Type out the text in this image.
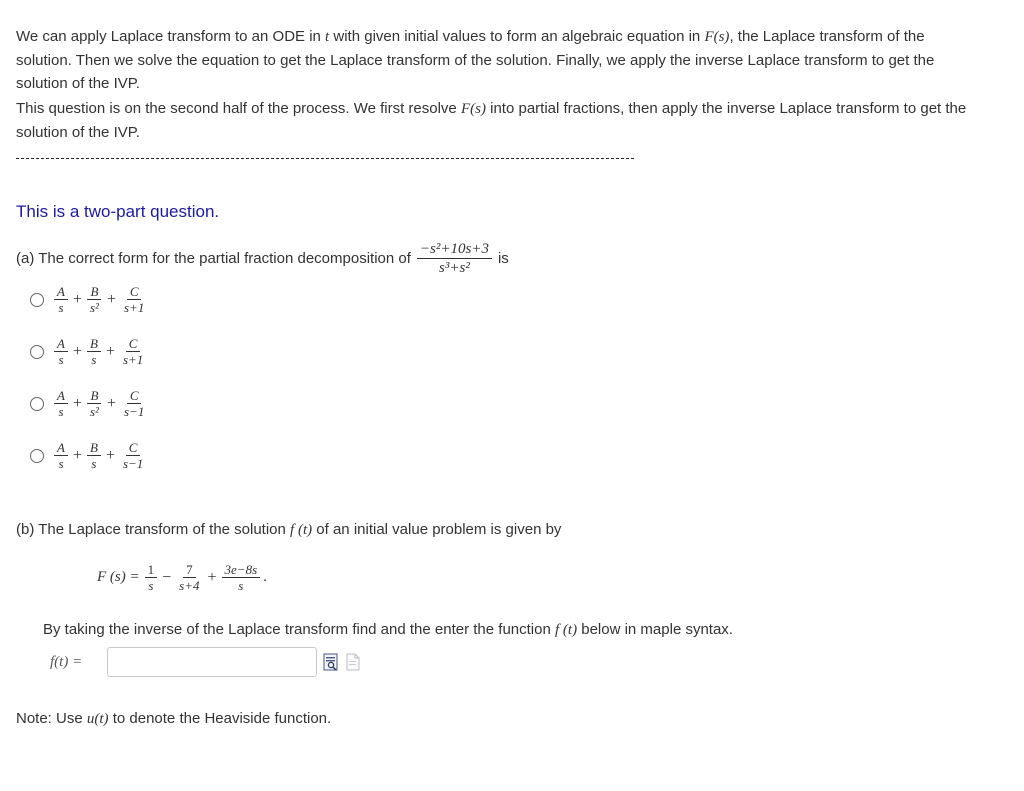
We can apply Laplace transform to an ODE in t with given initial values to form an algebraic equation in F(s), the Laplace transform of the solution. Then we solve the equation to get the Laplace transform of the solution. Finally, we apply the inverse Laplace transform to get the solution of the IVP.

This question is on the second half of the process. We first resolve F(s) into partial fractions, then apply the inverse Laplace transform to get the solution of the IVP.

This is a two-part question.

(a) The correct form for the partial fraction decomposition of $\frac{\text{−s²+10s+3}}{\text{s³+s²}}$ is

$\frac{A}{s} + \frac{B}{\text{s²}} + \frac{C}{s+1}$
$\frac{A}{s} + \frac{B}{s} + \frac{C}{s+1}$
$\frac{A}{s} + \frac{B}{\text{s²}} + \frac{C}{s-1}$
$\frac{A}{s} + \frac{B}{s} + \frac{C}{s-1}$

(b) The Laplace transform of the solution f (t) of an initial value problem is given by

F $(s) = \frac{1}{s} - \frac{7}{s+4} + \frac{3e-8s}{s}$ .

By taking the inverse of the Laplace transform find and the enter the function f (t) below in maple syntax.

f(t) =

Note: Use u(t) to denote the Heaviside function.
